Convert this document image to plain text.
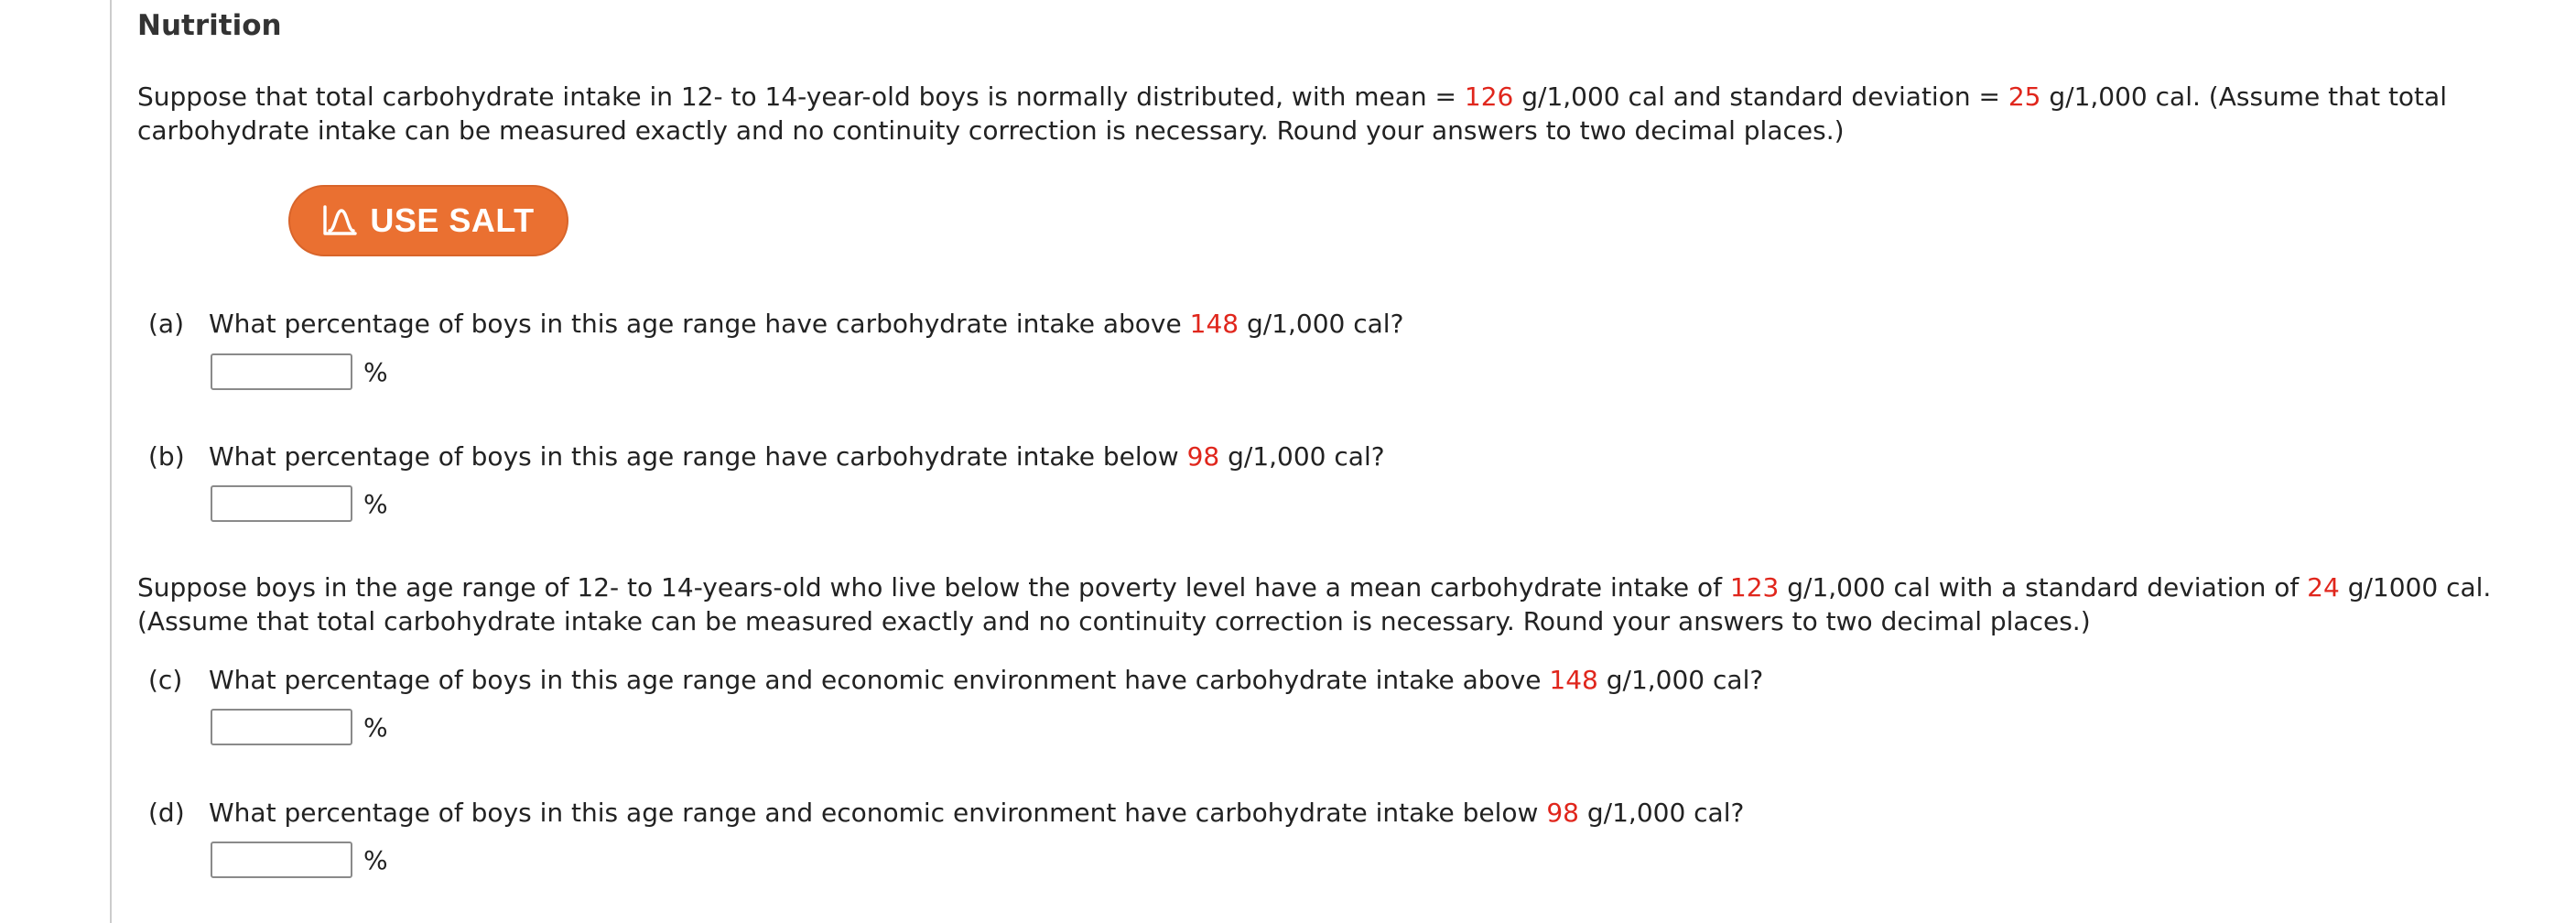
Nutrition

Suppose that total carbohydrate intake in 12- to 14-year-old boys is normally distributed, with mean = 126 g/1,000 cal and standard deviation = 25 g/1,000 cal. (Assume that total carbohydrate intake can be measured exactly and no continuity correction is necessary. Round your answers to two decimal places.)

USE SALT

(a) What percentage of boys in this age range have carbohydrate intake above 148 g/1,000 cal?

%

(b) What percentage of boys in this age range have carbohydrate intake below 98 g/1,000 cal?

%

Suppose boys in the age range of 12- to 14-years-old who live below the poverty level have a mean carbohydrate intake of 123 g/1,000 cal with a standard deviation of 24 g/1000 cal. (Assume that total carbohydrate intake can be measured exactly and no continuity correction is necessary. Round your answers to two decimal places.)

(c) What percentage of boys in this age range and economic environment have carbohydrate intake above 148 g/1,000 cal?

%

(d) What percentage of boys in this age range and economic environment have carbohydrate intake below 98 g/1,000 cal?

%
